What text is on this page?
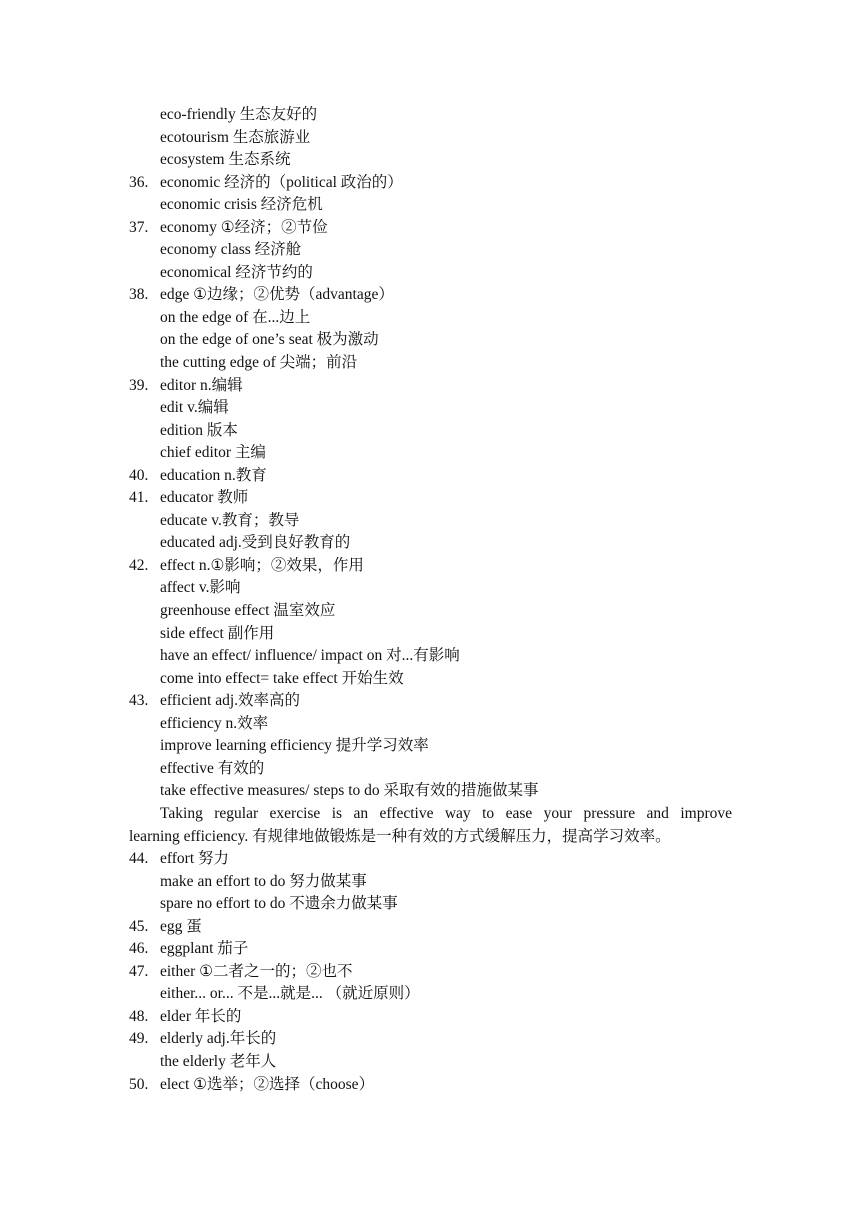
eco-friendly 生态友好的
ecotourism 生态旅游业
ecosystem 生态系统
36. economic 经济的（political 政治的）
economic crisis 经济危机
37. economy ①经济；②节俭
economy class 经济舱
economical 经济节约的
38. edge ①边缘；②优势（advantage）
on the edge of 在...边上
on the edge of one’s seat 极为激动
the cutting edge of 尖端；前沿
39. editor n.编辑
edit v.编辑
edition 版本
chief editor 主编
40. education n.教育
41. educator 教师
educate v.教育；教导
educated adj.受到良好教育的
42. effect n.①影响；②效果，作用
affect v.影响
greenhouse effect 温室效应
side effect 副作用
have an effect/ influence/ impact on 对...有影响
come into effect= take effect 开始生效
43. efficient adj.效率高的
efficiency n.效率
improve learning efficiency 提升学习效率
effective 有效的
take effective measures/ steps to do 采取有效的措施做某事
Taking regular exercise is an effective way to ease your pressure and improve
learning efficiency. 有规律地做锻炼是一种有效的方式缓解压力，提高学习效率。
44. effort 努力
make an effort to do 努力做某事
spare no effort to do 不遗余力做某事
45. egg 蛋
46. eggplant 茄子
47. either ①二者之一的；②也不
either... or... 不是...就是... （就近原则）
48. elder 年长的
49. elderly adj.年长的
the elderly 老年人
50. elect ①选举；②选择（choose）
